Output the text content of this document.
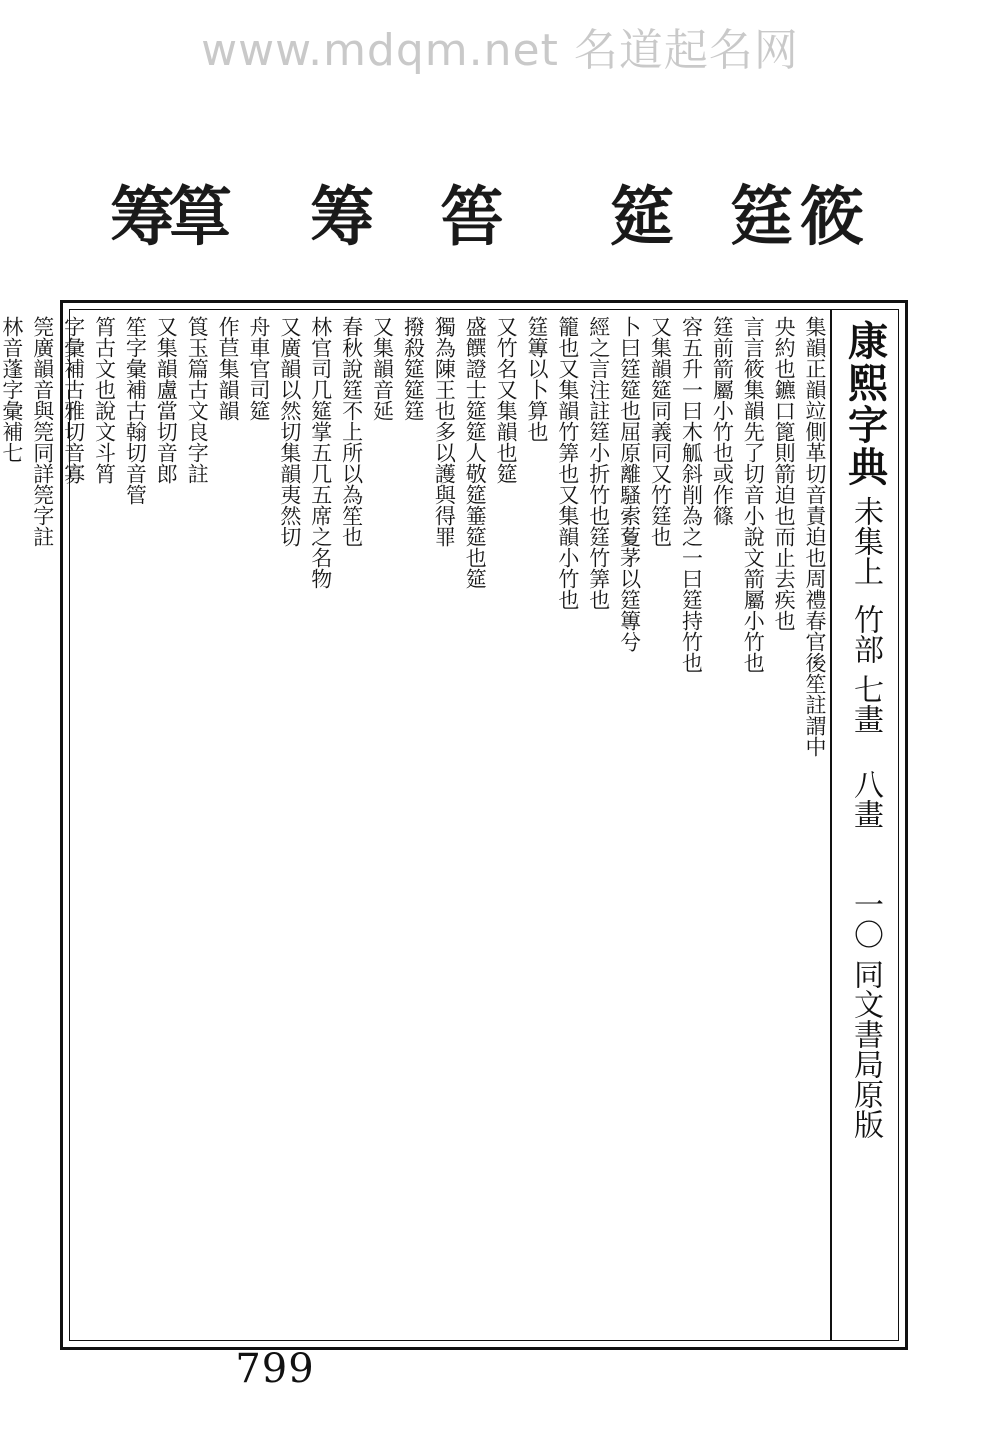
www.mdqm.net 名道起名网
筹
筸 筹 筶 筵 筳 筱
康熙字典
未集上
竹部
七畫 八畫
一〇
同文書局原版
集韻正韻竝側革切音責迫也周禮春官後笙註謂中
央約也鑣口篦則箭迫也而止去疾也
言言筱集韻先了切音小說文箭屬小竹也
筳前箭屬小竹也或作篠
容五升一曰木觚斜削為之一曰筳持竹也
又集韻筵同義同又竹筳也
卜曰筳筵也屈原離騷索藑茅以筳篿兮
經之言注註筳小折竹也筳竹筭也
籠也又集韻竹筭也又集韻小竹也
筳篿以卜算也
又竹名又集韻也筵
盛饌證士筵筵人敬筵箠筵也筵
獨為陳王也多以護與得罪
撥殺筵筵筳
又集韻音延
春秋說筳不上所以為笙也
林官司几筵掌五几五席之名物
又廣韻以然切集韻夷然切
舟車官司筵
作苣集韻韻
筤玉篇古文良字註
又集韻盧當切音郎
笙字彙補古翰切音管
筲古文也說文斗筲
字彙補古雅切音寡
筦廣韻音與筦同詳筦字註
林音蓬字彙補七
799
